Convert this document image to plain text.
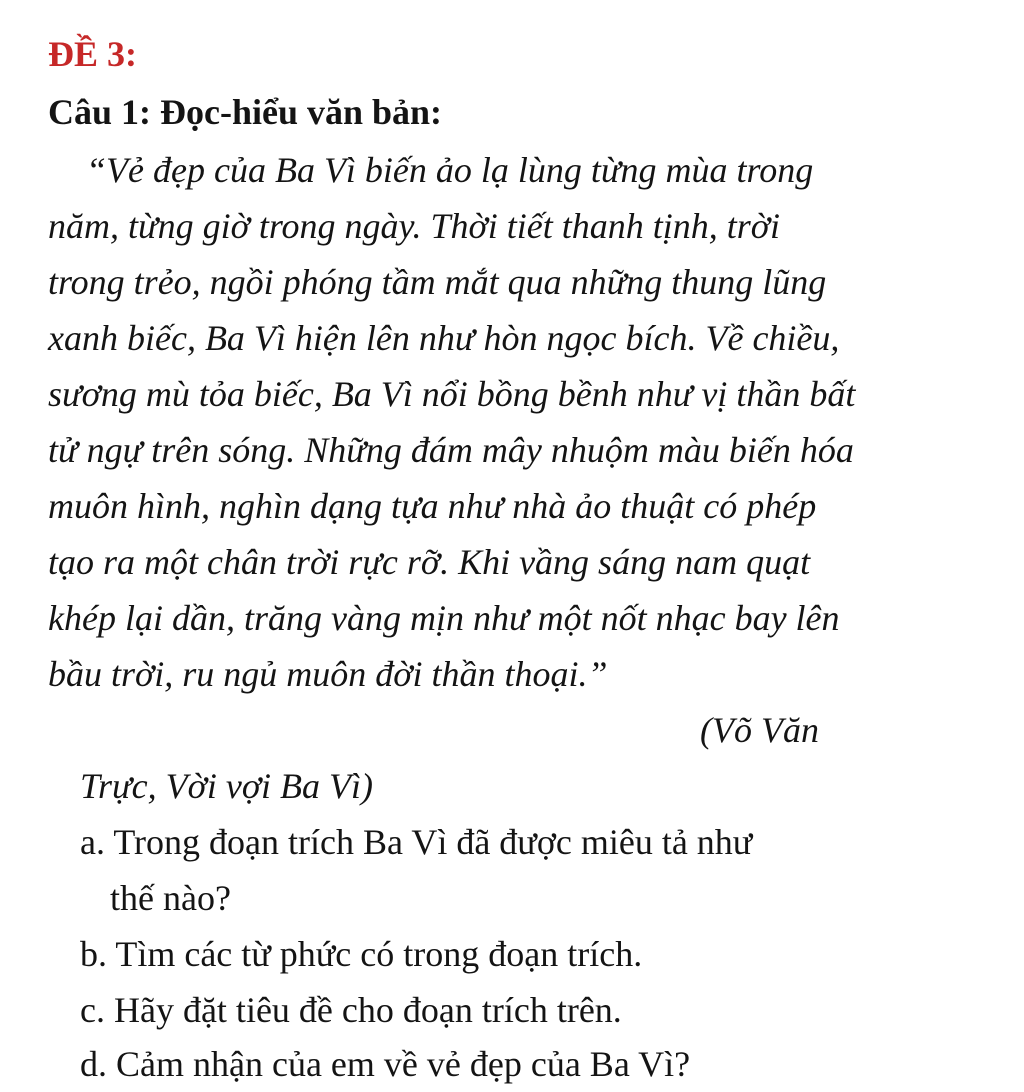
ĐỀ 3:
Câu 1: Đọc-hiểu văn bản:
“Vẻ đẹp của Ba Vì biến ảo lạ lùng từng mùa trong
năm, từng giờ trong ngày. Thời tiết thanh tịnh, trời
trong trẻo, ngồi phóng tầm mắt qua những thung lũng
xanh biếc, Ba Vì hiện lên như hòn ngọc bích. Về chiều,
sương mù tỏa biếc, Ba Vì nổi bồng bềnh như vị thần bất
tử ngự trên sóng. Những đám mây nhuộm màu biến hóa
muôn hình, nghìn dạng tựa như nhà ảo thuật có phép
tạo ra một chân trời rực rỡ. Khi vầng sáng nam quạt
khép lại dần, trăng vàng mịn như một nốt nhạc bay lên
bầu trời, ru ngủ muôn đời thần thoại.”
(Võ Văn
Trực, Vời vợi Ba Vì)
a. Trong đoạn trích Ba Vì đã được miêu tả như
thế nào?
b. Tìm các từ phức có trong đoạn trích.
c. Hãy đặt tiêu đề cho đoạn trích trên.
d. Cảm nhận của em về vẻ đẹp của Ba Vì?
